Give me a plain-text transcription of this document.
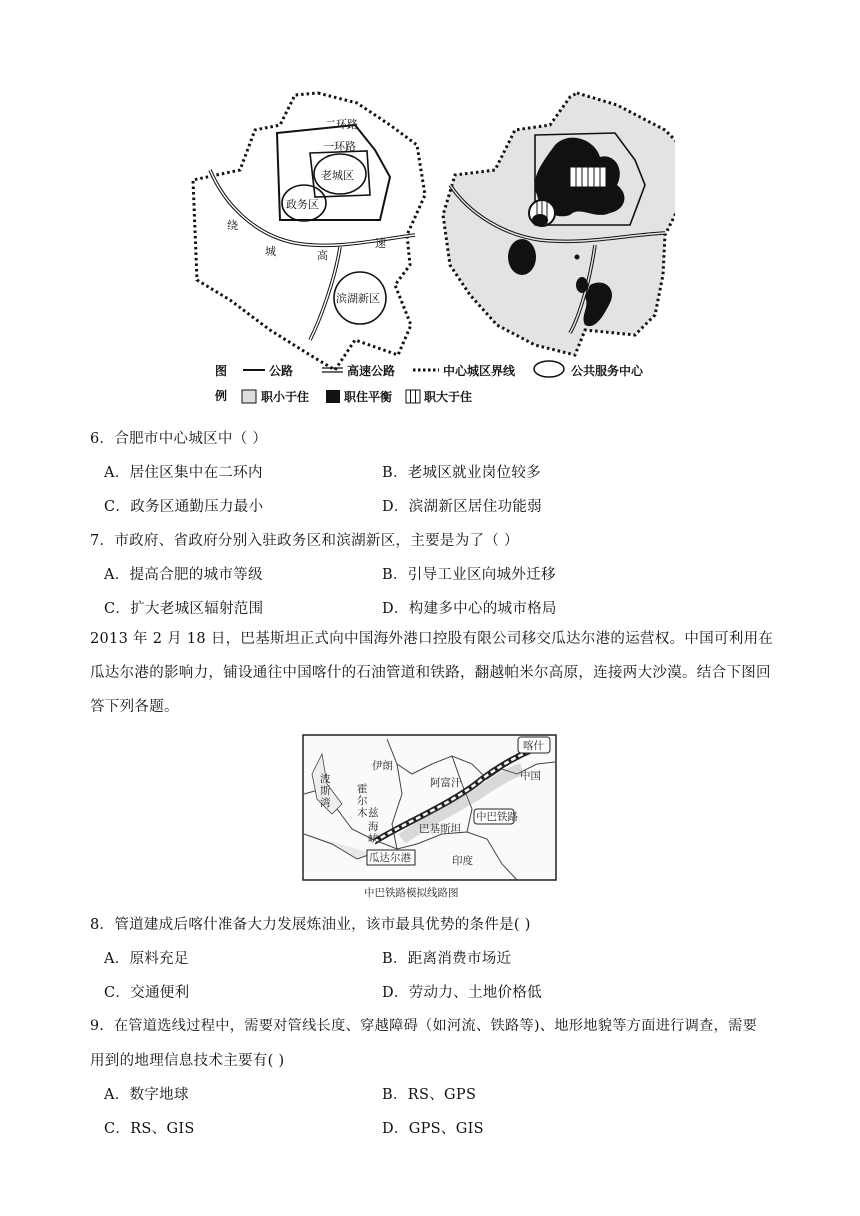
二环路
一环路
老城区
政务区
绕
城	高
速
滨湖新区
图
例
公路	高速公路	中心城区界线	公共服务中心
职小于住	职住平衡	职大于住
6．合肥市中心城区中（ ）
A．居住区集中在二环内	B．老城区就业岗位较多
C．政务区通勤压力最小	D．滨湖新区居住功能弱
7．市政府、省政府分别入驻政务区和滨湖新区，主要是为了（ ）
A．提高合肥的城市等级	B．引导工业区向城外迁移
C．扩大老城区辐射范围	D．构建多中心的城市格局
2013 年 2 月 18 日，巴基斯坦正式向中国海外港口控股有限公司移交瓜达尔港的运营权。中国可利用在瓜达尔港的影响力，铺设通往中国喀什的石油管道和铁路，翻越帕米尔高原，连接两大沙漠。结合下图回答下列各题。
喀什
中国
伊朗
阿富汗
巴基斯坦
中巴铁路
瓜达尔港	印度
霍
尔
木 兹
海
峡
波
斯
湾
中巴铁路模拟线路图
8．管道建成后喀什准备大力发展炼油业，该市最具优势的条件是( )
A．原料充足	B．距离消费市场近
C．交通便利	D．劳动力、土地价格低
9．在管道选线过程中，需要对管线长度、穿越障碍（如河流、铁路等)、地形地貌等方面进行调查，需要
用到的地理信息技术主要有( )
A．数字地球	B．RS、GPS
C．RS、GIS	D．GPS、GIS
